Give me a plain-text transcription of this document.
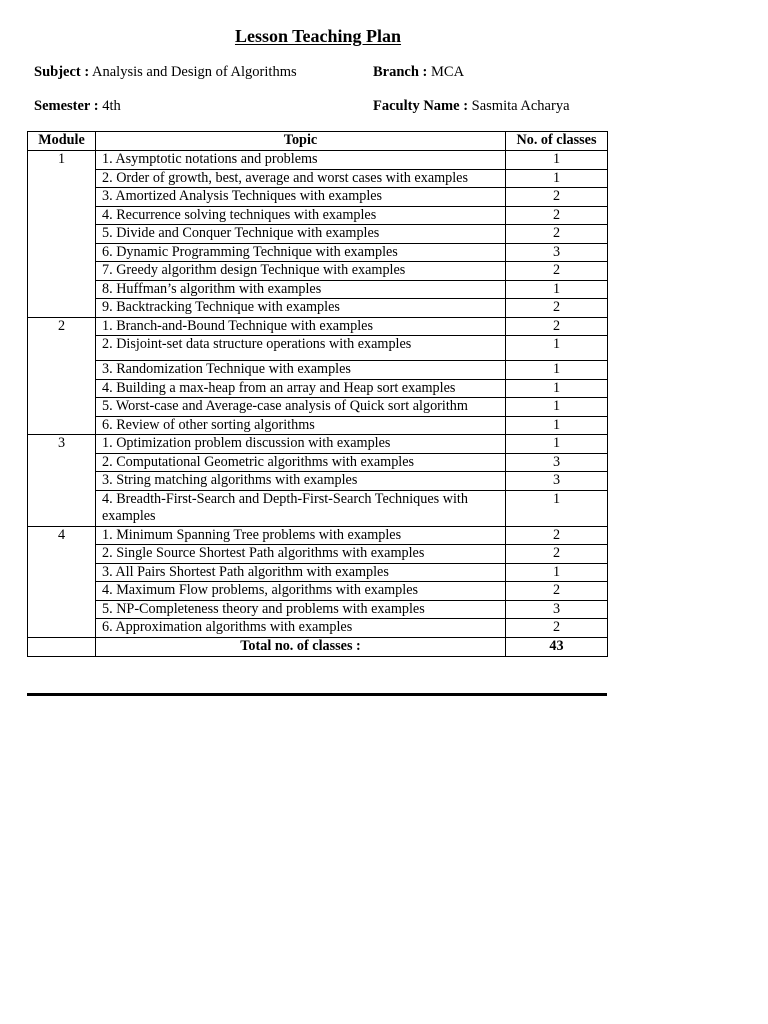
Lesson Teaching Plan
Subject : Analysis and Design of Algorithms	Branch : MCA
Semester : 4th	Faculty Name : Sasmita Acharya
Module	Topic	No. of classes
1	1. Asymptotic notations and problems	1
	2. Order of growth, best, average and worst cases with examples	1
	3. Amortized Analysis Techniques with examples	2
	4. Recurrence solving techniques with examples	2
	5. Divide and Conquer Technique with examples	2
	6. Dynamic Programming Technique with examples	3
	7. Greedy algorithm design Technique with examples	2
	8. Huffman’s algorithm with examples	1
	9. Backtracking Technique with examples	2
2	1. Branch-and-Bound Technique with examples	2
	2. Disjoint-set data structure operations with examples	1
	3. Randomization Technique with examples	1
	4. Building a max-heap from an array and Heap sort examples	1
	5. Worst-case and Average-case analysis of Quick sort algorithm	1
	6. Review of other sorting algorithms	1
3	1. Optimization problem discussion with examples	1
	2. Computational Geometric algorithms with examples	3
	3. String matching algorithms with examples	3
	4. Breadth-First-Search and Depth-First-Search Techniques with examples	1
4	1. Minimum Spanning Tree problems with examples	2
	2. Single Source Shortest Path algorithms with examples	2
	3. All Pairs Shortest Path algorithm with examples	1
	4. Maximum Flow problems, algorithms with examples	2
	5. NP-Completeness theory and problems with examples	3
	6. Approximation algorithms with examples	2
	Total no. of classes :	43
